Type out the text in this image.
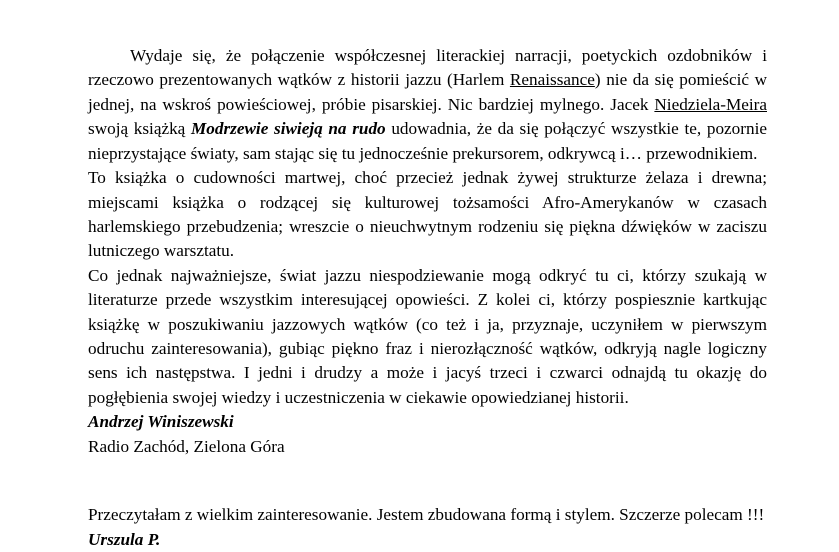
Wydaje się, że połączenie współczesnej literackiej narracji, poetyckich ozdobników i rzeczowo prezentowanych wątków z historii jazzu (Harlem Renaissance) nie da się pomieścić w jednej, na wskroś powieściowej, próbie pisarskiej. Nic bardziej mylnego. Jacek Niedziela-Meira swoją książką Modrzewie siwieją na rudo udowadnia, że da się połączyć wszystkie te, pozornie nieprzystające światy, sam stając się tu jednocześnie prekursorem, odkrywcą i… przewodnikiem.

To książka o cudowności martwej, choć przecież jednak żywej strukturze żelaza i drewna; miejscami książka o rodzącej się kulturowej tożsamości Afro-Amerykanów w czasach harlemskiego przebudzenia; wreszcie o nieuchwytnym rodzeniu się piękna dźwięków w zaciszu lutniczego warsztatu.

Co jednak najważniejsze, świat jazzu niespodziewanie mogą odkryć tu ci, którzy szukają w literaturze przede wszystkim interesującej opowieści. Z kolei ci, którzy pospiesznie kartkując książkę w poszukiwaniu jazzowych wątków (co też i ja, przyznaje, uczyniłem w pierwszym odruchu zainteresowania), gubiąc piękno fraz i nierozłączność wątków, odkryją nagle logiczny sens ich następstwa. I jedni i drudzy a może i jacyś trzeci i czwarci odnajdą tu okazję do pogłębienia swojej wiedzy i uczestniczenia w ciekawie opowiedzianej historii.

Andrzej Winiszewski

Radio Zachód, Zielona Góra

Przeczytałam z wielkim zainteresowanie. Jestem zbudowana formą i stylem. Szczerze polecam !!!

Urszula P.
